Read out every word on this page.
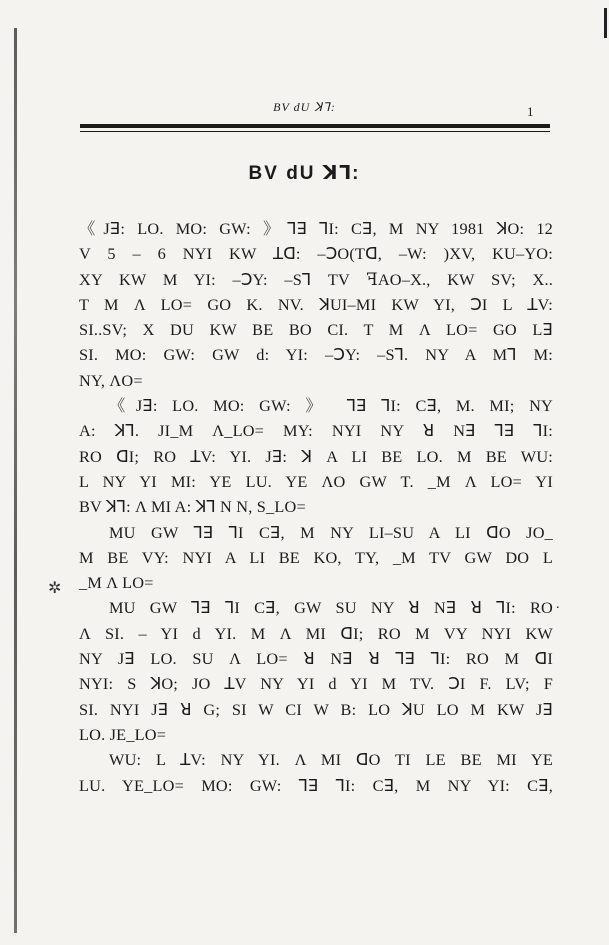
BV dU ꓘꓶ:	1
BV dU ꓘꓶ:

《Jꓱ: LO. MO: GW: 》ꓶꓱ ꓶI: Cꓱ, M NY 1981 ꓘO: 12
V 5 – 6 NYI KW ꓕꓷ: –ꓛO(Tꓷ, –W: )XV, KU–YO:
XY KW M YI: –ꓛY: –Sꓶ TV ꟻAO–X., KW SV; X..
T M Λ LO= GO K. NV. ꓘUI–MI KW YI, ꓛI L ꓕV:
SI..SV; X DU KW BE BO CI. T M Λ LO= GO Lꓱ
SI. MO: GW: GW d: YI: –ꓛY: –Sꓶ. NY A Mꓶ M:
NY, ΛO=

《Jꓱ: LO. MO: GW: 》 ꓶꓱ ꓶI: Cꓱ, M. MI; NY
A: ꓘꓶ. JI_M Λ_LO= MY: NYI NY ꓤ Nꓱ ꓶꓱ ꓶI:
RO ꓷI; RO ꓕV: YI. Jꓱ: ꓘ A LI BE LO. M BE WU:
L NY YI MI: YE LU. YE ΛO GW T. _M Λ LO= YI
BV ꓘꓶ: Λ MI A: ꓘꓶ N N, S_LO=

MU GW ꓶꓱ ꓶI Cꓱ, M NY LI–SU A LI ꓷO JO_
M BE VY: NYI A LI BE KO, TY, _M TV GW DO L
_M Λ LO=

MU GW ꓶꓱ ꓶI Cꓱ, GW SU NY ꓤ Nꓱ ꓤ ꓶI: RO
Λ SI. – YI d YI. M Λ MI ꓷI; RO M VY NYI KW
NY Jꓱ LO. SU Λ LO= ꓤ Nꓱ ꓤ ꓶꓱ ꓶI: RO M ꓷI
NYI: S ꓘO; JO ꓕV NY YI d YI M TV. ꓛI F. LV; F
SI. NYI Jꓱ ꓤ G; SI W CI W B: LO ꓘU LO M KW Jꓱ
LO. JE_LO=

WU: L ꓕV: NY YI. Λ MI ꓷO TI LE BE MI YE
LU. YE_LO= MO: GW: ꓶꓱ ꓶI: Cꓱ, M NY YI: Cꓱ,

✲
.
